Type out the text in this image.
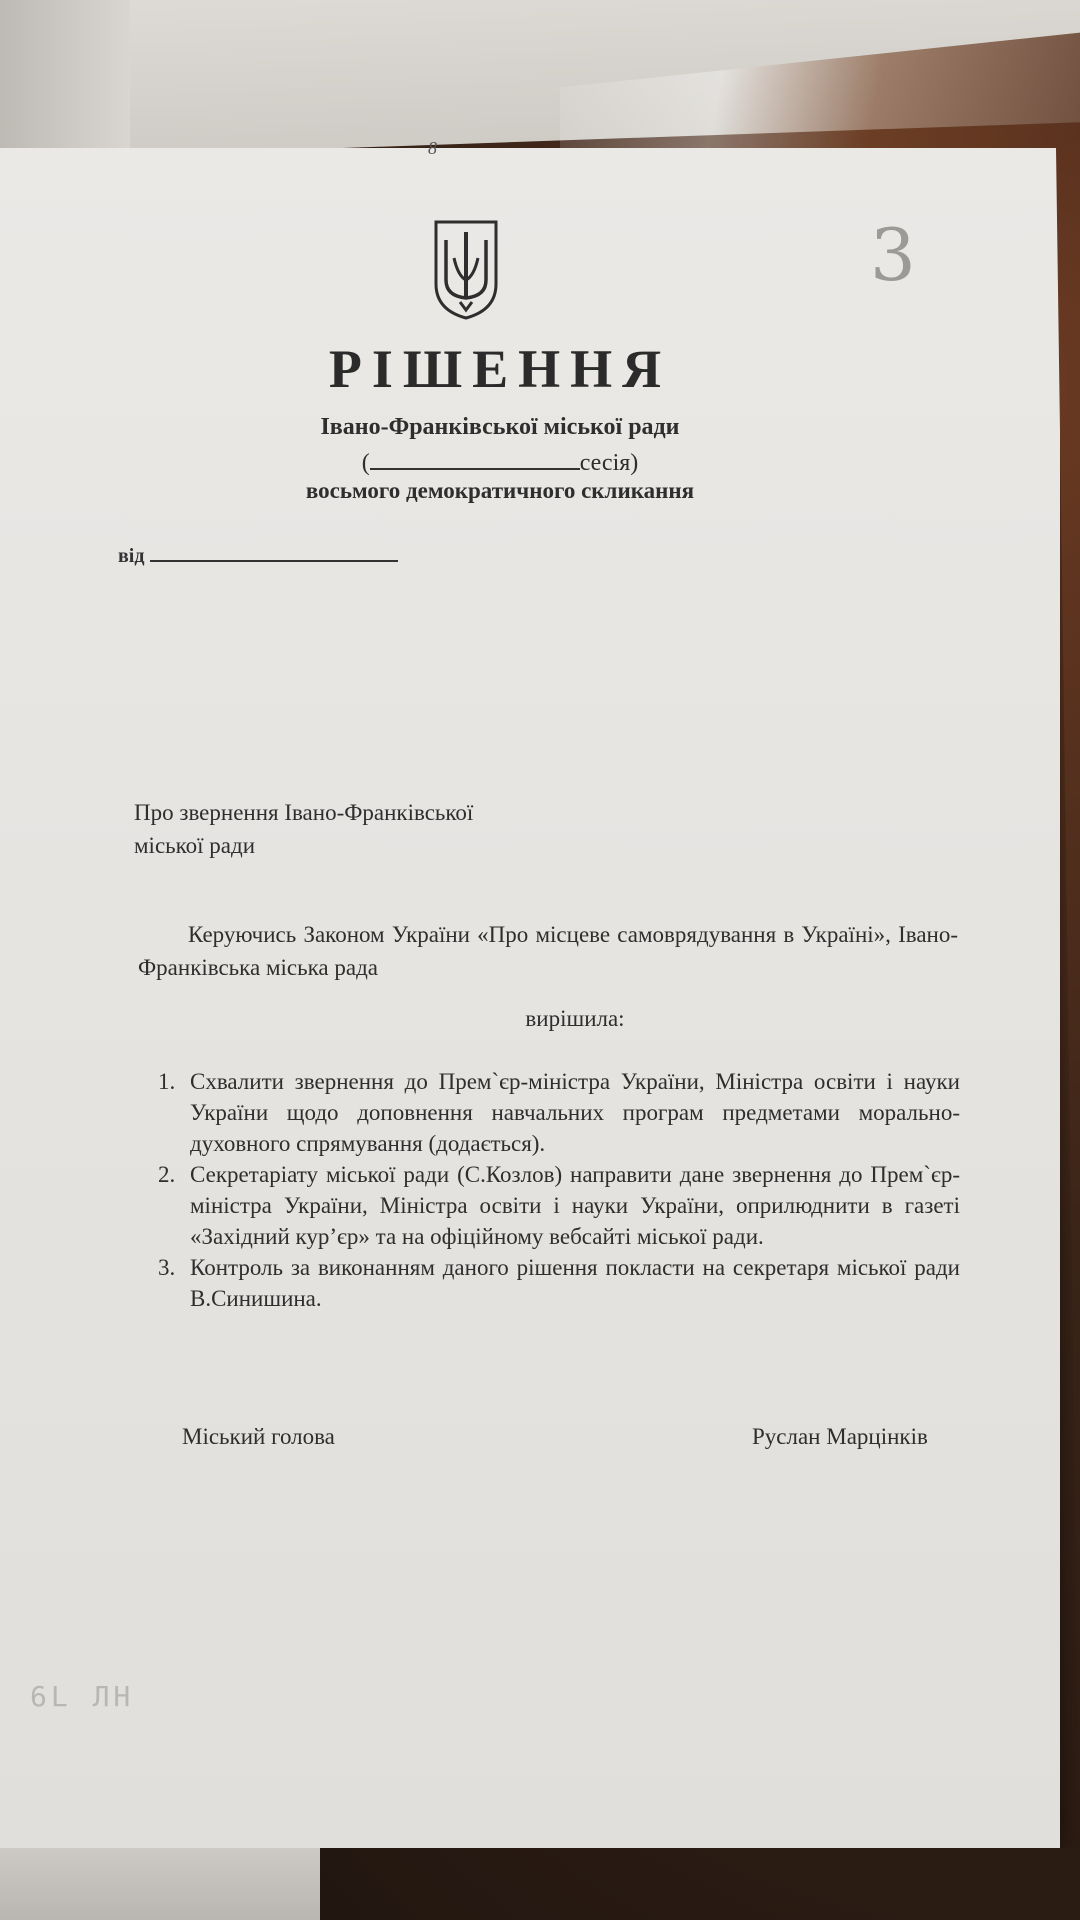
8
3
РІШЕННЯ
Івано-Франківської міської ради
(	сесія)
восьмого демократичного скликання
від
Про звернення Івано-Франківської
міської ради
Керуючись Законом України «Про місцеве самоврядування в Україні», Івано-Франківська міська рада
вирішила:
1. Схвалити звернення до Прем`єр-міністра України, Міністра освіти і науки України щодо доповнення навчальних програм предметами морально-духовного спрямування (додається).
2. Секретаріату міської ради (С.Козлов) направити дане звернення до Прем`єр-міністра України, Міністра освіти і науки України, оприлюднити в газеті «Західний кур’єр» та на офіційному вебсайті міської ради.
3. Контроль за виконанням даного рішення покласти на секретаря міської ради В.Синишина.
Міський голова	Руслан Марцінків
6L ЛН
